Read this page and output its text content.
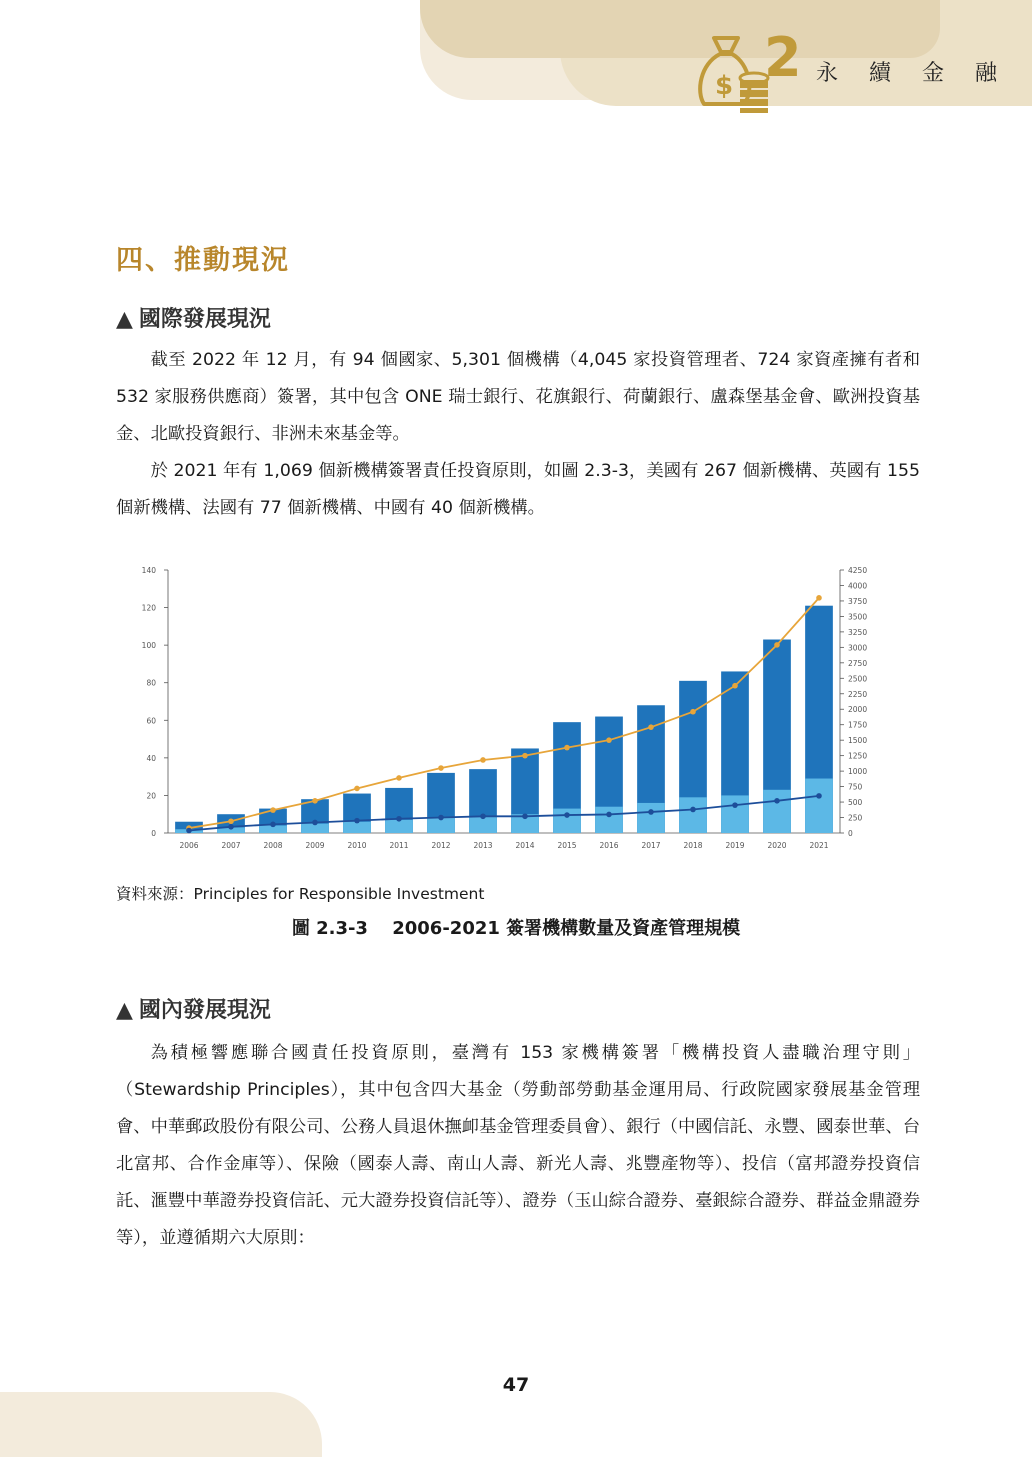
$ 2 永 續 金 融
四、推動現況
▲ 國際發展現況

截至 2022 年 12 月，有 94 個國家、5,301 個機構（4,045 家投資管理者、724 家資產擁有者和 532 家服務供應商）簽署，其中包含 ONE 瑞士銀行、花旗銀行、荷蘭銀行、盧森堡基金會、歐洲投資基金、北歐投資銀行、非洲未來基金等。

於 2021 年有 1,069 個新機構簽署責任投資原則，如圖 2.3-3，美國有 267 個新機構、英國有 155 個新機構、法國有 77 個新機構、中國有 40 個新機構。

0
20
40
60
80
100
120
140
0
250
500
750
1000
1250
1500
1750
2000
2250
2500
2750
3000
3250
3500
3750
4000
4250
2006	2007	2008	2009	2010	2011	2012	2013	2014	2015	2016	2017	2018	2019	2020	2021
資料來源：Principles for Responsible Investment
圖 2.3-3　 2006-2021 簽署機構數量及資產管理規模
▲ 國內發展現況

為積極響應聯合國責任投資原則，臺灣有 153 家機構簽署「機構投資人盡職治理守則」（Stewardship Principles），其中包含四大基金（勞動部勞動基金運用局、行政院國家發展基金管理會、中華郵政股份有限公司、公務人員退休撫卹基金管理委員會）、銀行（中國信託、永豐、國泰世華、台北富邦、合作金庫等）、保險（國泰人壽、南山人壽、新光人壽、兆豐產物等）、投信（富邦證券投資信託、滙豐中華證券投資信託、元大證券投資信託等）、證券（玉山綜合證券、臺銀綜合證券、群益金鼎證券等），並遵循期六大原則：

47
